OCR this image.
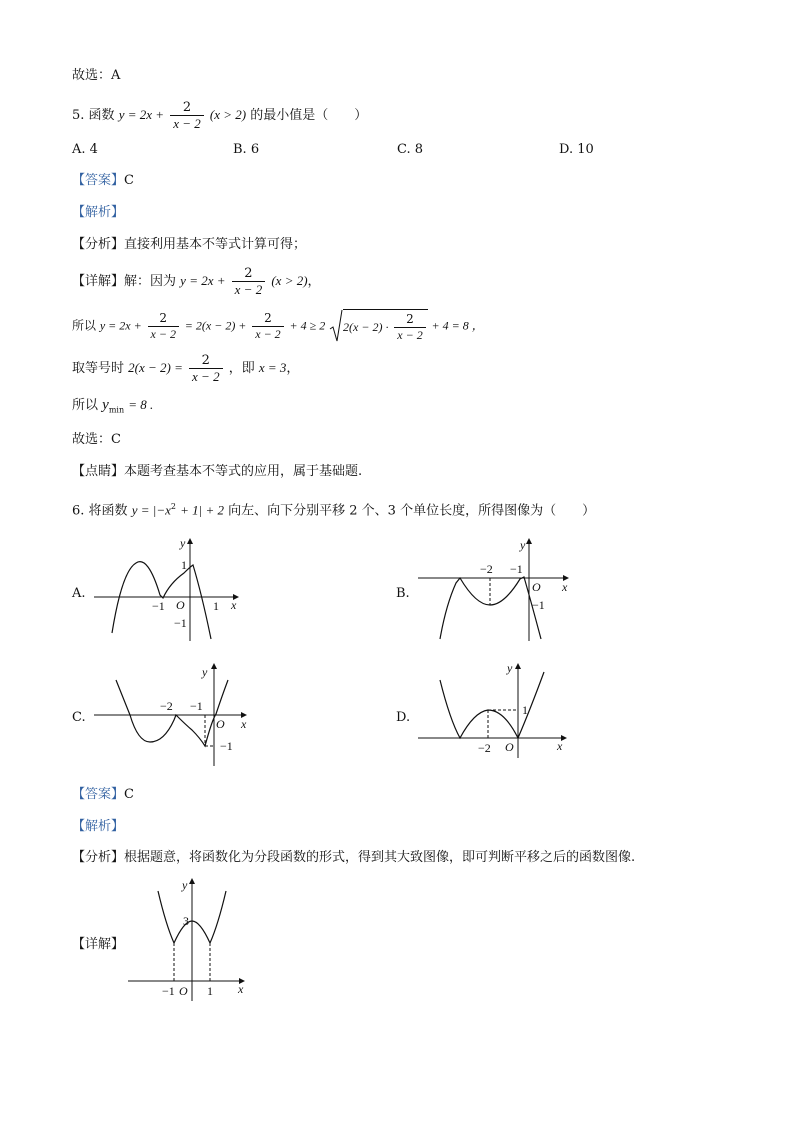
故选：A
5. 函数 $y = 2x + \frac{2}{x - 2} (x > 2)$ 的最小值是（　　）
A. 4	B. 6	C. 8	D. 10
【答案】C
【解析】
【分析】直接利用基本不等式计算可得；
【详解】解：因为 $y = 2x + \frac{2}{x - 2} (x > 2)$，
所以 $y = 2x + \frac{2}{x - 2} = 2(x - 2) + \frac{2}{x - 2} + 4 \ge 2$ $2(x - 2) \cdot \frac{2}{x - 2} + 4 = 8$ ，
取等号时 $2(x - 2) = \frac{2}{x - 2}$ ，即 x = 3，
所以 $y_{min} = 8$ .
故选：C
【点睛】本题考查基本不等式的应用，属于基础题.
6. 将函数 $y = |-x^2 + 1| + 2$ 向左、向下分别平移 2 个、3 个单位长度，所得图像为（　　）
A.	B.
C.	D.
y
x
O
1
1
−1
−1
y
x
O
−2 −1
−1
y
x
O
−2 −1
−1
y
x
O
−2
1
【答案】C
【解析】
【分析】根据题意，将函数化为分段函数的形式，得到其大致图像，即可判断平移之后的函数图像.
【详解】
y
x
O
3
−1	1
